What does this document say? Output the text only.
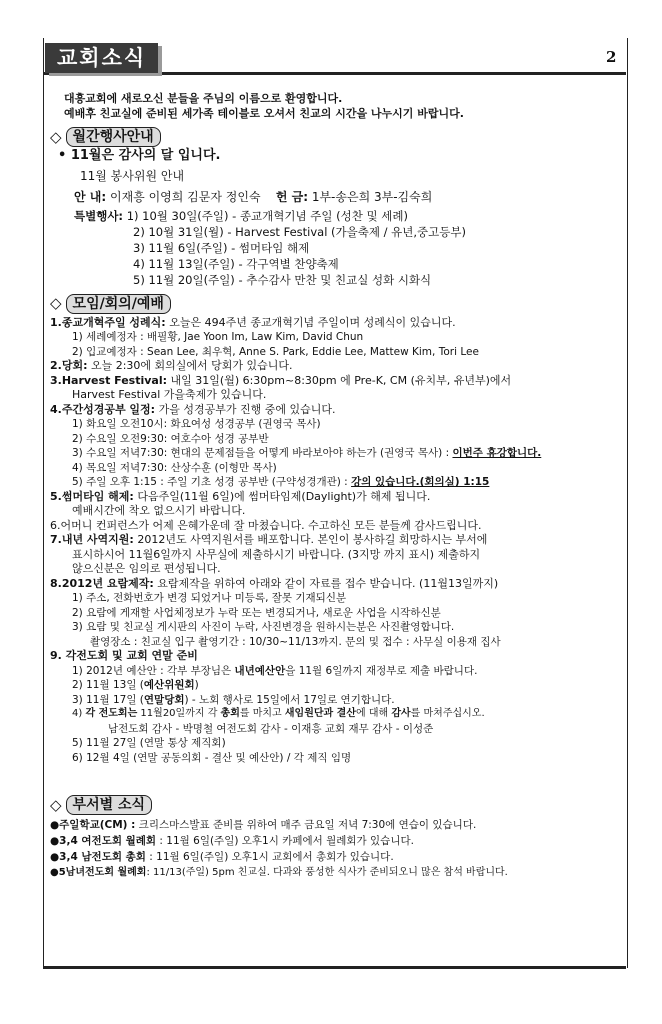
교회소식	2
대흥교회에 새로오신 분들을 주님의 이름으로 환영합니다.
예배후 친교실에 준비된 세가족 테이블로 오셔서 친교의 시간을 나누시기 바랍니다.
◇ 월간행사안내
• 11월은 감사의 달 입니다.
11월 봉사위원 안내
안 내: 이재흥 이영희 김문자 정인숙 헌 금: 1부-송은희 3부-김숙희
특별행사: 1) 10월 30일(주일) - 종교개혁기념 주일 (성찬 및 세례)
2) 10월 31일(월) - Harvest Festival (가을축제 / 유년,중고등부)
3) 11월 6일(주일) - 썸머타임 해제
4) 11월 13일(주일) - 각구역별 찬양축제
5) 11월 20일(주일) - 추수감사 만찬 및 친교실 성화 시화식
◇ 모임/회의/예배
1.종교개혁주일 성례식: 오늘은 494주년 종교개혁기념 주일이며 성례식이 있습니다.
1) 세례예정자 : 배필황, Jae Yoon Im, Law Kim, David Chun
2) 입교예정자 : Sean Lee, 최우혁, Anne S. Park, Eddie Lee, Mattew Kim, Tori Lee
2.당회: 오늘 2:30에 회의실에서 당회가 있습니다.
3.Harvest Festival: 내일 31일(월) 6:30pm~8:30pm 에 Pre-K, CM (유치부, 유년부)에서
Harvest Festival 가을축제가 있습니다.
4.주간성경공부 일정: 가을 성경공부가 진행 중에 있습니다.
1) 화요일 오전10시: 화요여성 성경공부 (권영국 목사)
2) 수요일 오전9:30: 여호수아 성경 공부반
3) 수요일 저녁7:30: 현대의 문제점들을 어떻게 바라보아야 하는가 (권영국 목사) : 이번주 휴강합니다.
4) 목요일 저녁7:30: 산상수훈 (이형만 목사)
5) 주일 오후 1:15 : 주일 기초 성경 공부반 (구약성경개관) : 강의 있습니다.(회의실) 1:15
5.썸머타임 해제: 다음주일(11월 6일)에 썸머타임제(Daylight)가 해제 됩니다.
예배시간에 착오 없으시기 바랍니다.
6.어머니 컨퍼런스가 어제 은혜가운데 잘 마쳤습니다. 수고하신 모든 분들께 감사드립니다.
7.내년 사역지원: 2012년도 사역지원서를 배포합니다. 본인이 봉사하길 희망하시는 부서에
표시하시어 11월6일까지 사무실에 제출하시기 바랍니다. (3지망 까지 표시) 제출하지
않으신분은 임의로 편성됩니다.
8.2012년 요람제작: 요람제작을 위하여 아래와 같이 자료를 접수 받습니다. (11월13일까지)
1) 주소, 전화번호가 변경 되었거나 미등록, 잘못 기재되신분
2) 요람에 게재할 사업체정보가 누락 또는 변경되거나, 새로운 사업을 시작하신분
3) 요람 및 친교실 게시판의 사진이 누락, 사진변경을 원하시는분은 사진촬영합니다.
촬영장소 : 친교실 입구 촬영기간 : 10/30~11/13까지. 문의 및 접수 : 사무실 이용재 집사
9. 각전도회 및 교회 연말 준비
1) 2012년 예산안 : 각부 부장님은 내년예산안을 11월 6일까지 재정부로 제출 바랍니다.
2) 11월 13일 (예산위원회)
3) 11월 17일 (연말당회) - 노회 행사로 15일에서 17일로 연기합니다.
4) 각 전도회는 11월20일까지 각 총회를 마치고 새임원단과 결산에 대해 감사를 마쳐주십시오.
남전도회 감사 - 박명철 여전도회 감사 - 이재흥 교회 재무 감사 - 이성준
5) 11월 27일 (연말 통상 제직회)
6) 12월 4일 (연말 공동의회 - 결산 및 예산안) / 각 제직 임명
◇ 부서별 소식
●주일학교(CM) : 크리스마스발표 준비를 위하여 매주 금요일 저녁 7:30에 연습이 있습니다.
●3,4 여전도회 월례회 : 11월 6일(주일) 오후1시 카페에서 월례회가 있습니다.
●3,4 남전도회 총회 : 11월 6일(주일) 오후1시 교회에서 총회가 있습니다.
●5남녀전도회 월례회: 11/13(주일) 5pm 친교실. 다과와 풍성한 식사가 준비되오니 많은 참석 바랍니다.
